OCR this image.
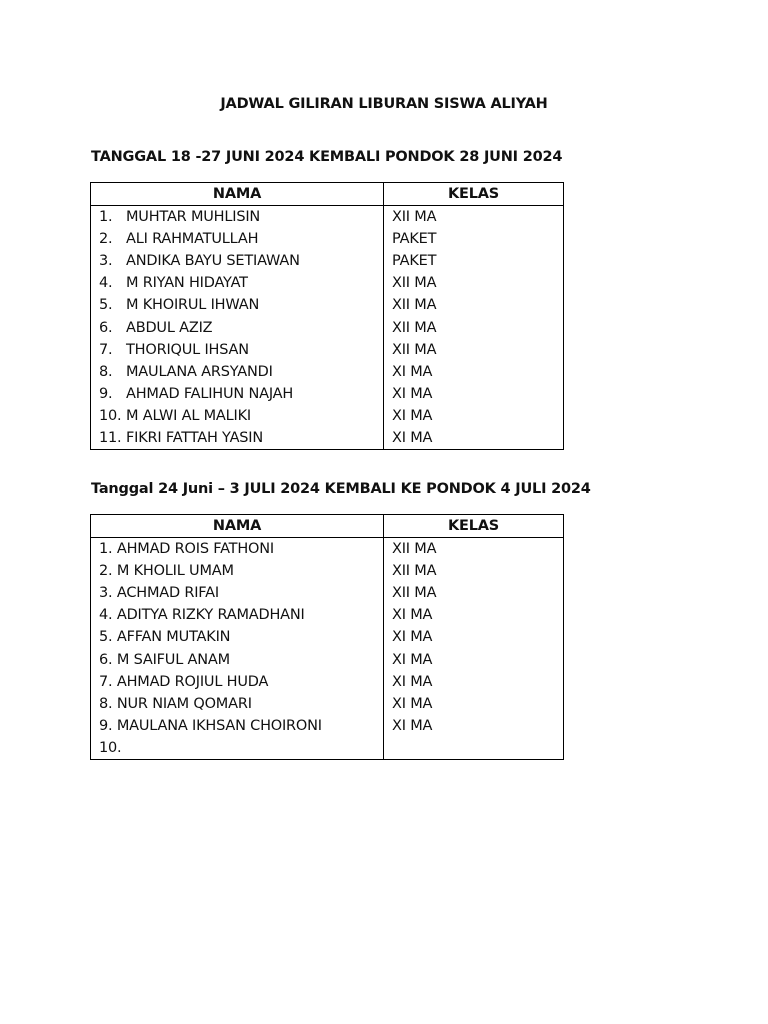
JADWAL GILIRAN LIBURAN SISWA ALIYAH
TANGGAL 18 -27 JUNI 2024 KEMBALI PONDOK 28 JUNI 2024
NAMA	KELAS
1. MUHTAR MUHLISIN	XII MA
2. ALI RAHMATULLAH	PAKET
3. ANDIKA BAYU SETIAWAN	PAKET
4. M RIYAN HIDAYAT	XII MA
5. M KHOIRUL IHWAN	XII MA
6. ABDUL AZIZ	XII MA
7. THORIQUL IHSAN	XII MA
8. MAULANA ARSYANDI	XI MA
9. AHMAD FALIHUN NAJAH	XI MA
10. M ALWI AL MALIKI	XI MA
11. FIKRI FATTAH YASIN	XI MA
Tanggal 24 Juni – 3 JULI 2024 KEMBALI KE PONDOK 4 JULI 2024
NAMA	KELAS
1. AHMAD ROIS FATHONI	XII MA
2. M KHOLIL UMAM	XII MA
3. ACHMAD RIFAI	XII MA
4. ADITYA RIZKY RAMADHANI	XI MA
5. AFFAN MUTAKIN	XI MA
6. M SAIFUL ANAM	XI MA
7. AHMAD ROJIUL HUDA	XI MA
8. NUR NIAM QOMARI	XI MA
9. MAULANA IKHSAN CHOIRONI	XI MA
10.	
